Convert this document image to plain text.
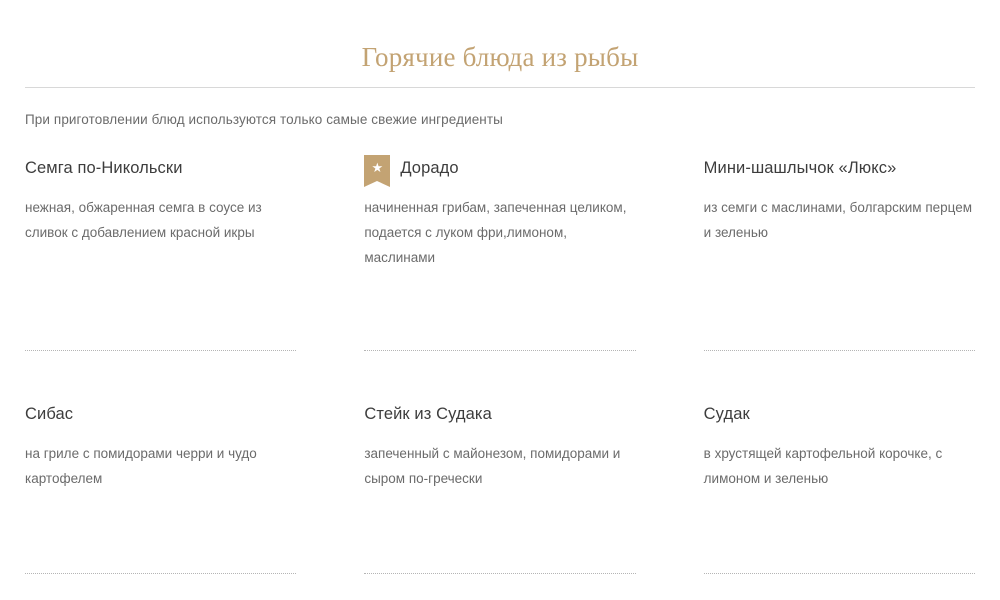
Горячие блюда из рыбы

При приготовлении блюд используются только самые свежие ингредиенты

Семга по-Никольски
нежная, обжаренная семга в соусе из сливок с добавлением красной икры
★	Дорадо
начиненная грибам, запеченная целиком, подается с луком фри,лимоном, маслинами
Мини-шашлычок «Люкс»
из семги с маслинами, болгарским перцем и зеленью
Сибас
на гриле с помидорами черри и чудо картофелем
Стейк из Судака
запеченный с майонезом, помидорами и сыром по-гречески
Судак
в хрустящей картофельной корочке, с лимоном и зеленью
